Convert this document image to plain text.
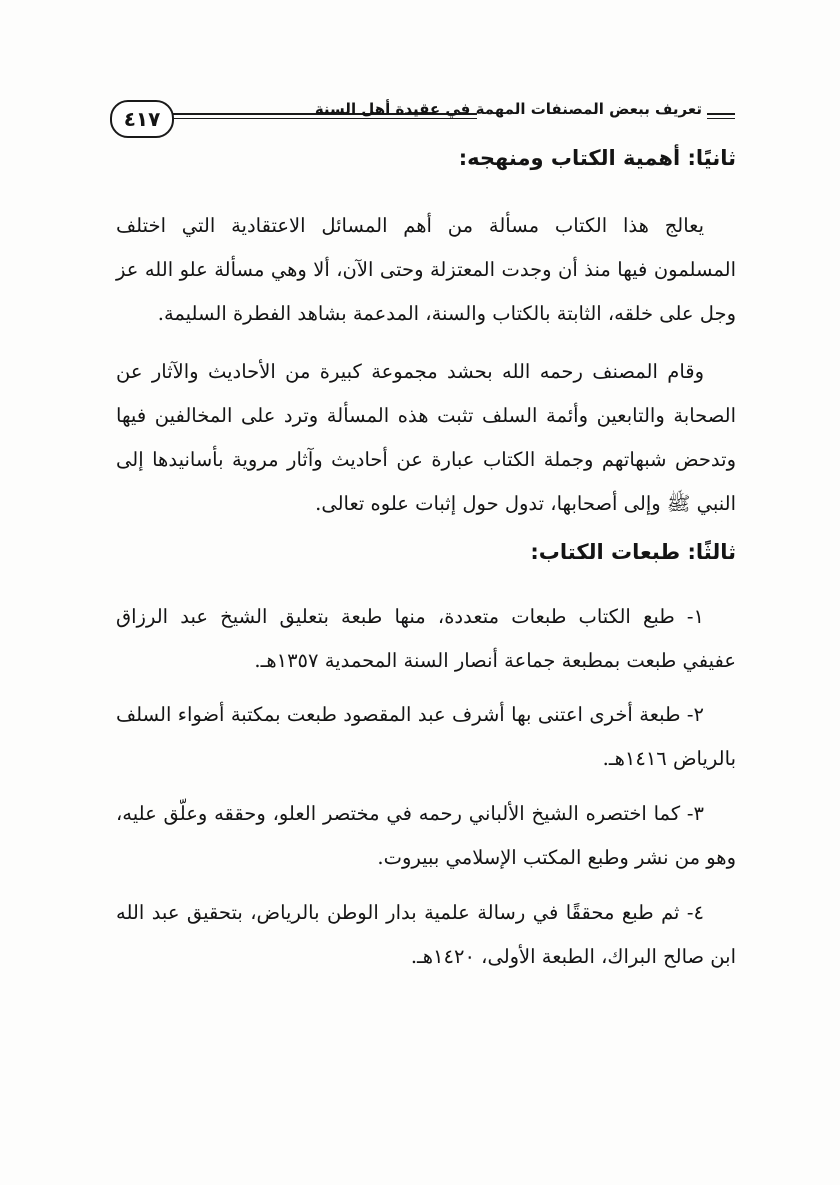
٤١٧	تعريف ببعض المصنفات المهمة في عقيدة أهل السنة
ثانيًا: أهمية الكتاب ومنهجه:

يعالج هذا الكتاب مسألة من أهم المسائل الاعتقادية التي اختلف المسلمون فيها منذ أن وجدت المعتزلة وحتى الآن، ألا وهي مسألة علو الله عز وجل على خلقه، الثابتة بالكتاب والسنة، المدعمة بشاهد الفطرة السليمة.

وقام المصنف رحمه الله بحشد مجموعة كبيرة من الأحاديث والآثار عن الصحابة والتابعين وأئمة السلف تثبت هذه المسألة وترد على المخالفين فيها وتدحض شبهاتهم وجملة الكتاب عبارة عن أحاديث وآثار مروية بأسانيدها إلى النبي ﷺ وإلى أصحابها، تدول حول إثبات علوه تعالى.

ثالثًا: طبعات الكتاب:

١- طبع الكتاب طبعات متعددة، منها طبعة بتعليق الشيخ عبد الرزاق عفيفي طبعت بمطبعة جماعة أنصار السنة المحمدية ١٣٥٧هـ.

٢- طبعة أخرى اعتنى بها أشرف عبد المقصود طبعت بمكتبة أضواء السلف بالرياض ١٤١٦هـ.

٣- كما اختصره الشيخ الألباني رحمه في مختصر العلو، وحققه وعلّق عليه، وهو من نشر وطبع المكتب الإسلامي ببيروت.

٤- ثم طبع محققًا في رسالة علمية بدار الوطن بالرياض، بتحقيق عبد الله ابن صالح البراك، الطبعة الأولى، ١٤٢٠هـ.
